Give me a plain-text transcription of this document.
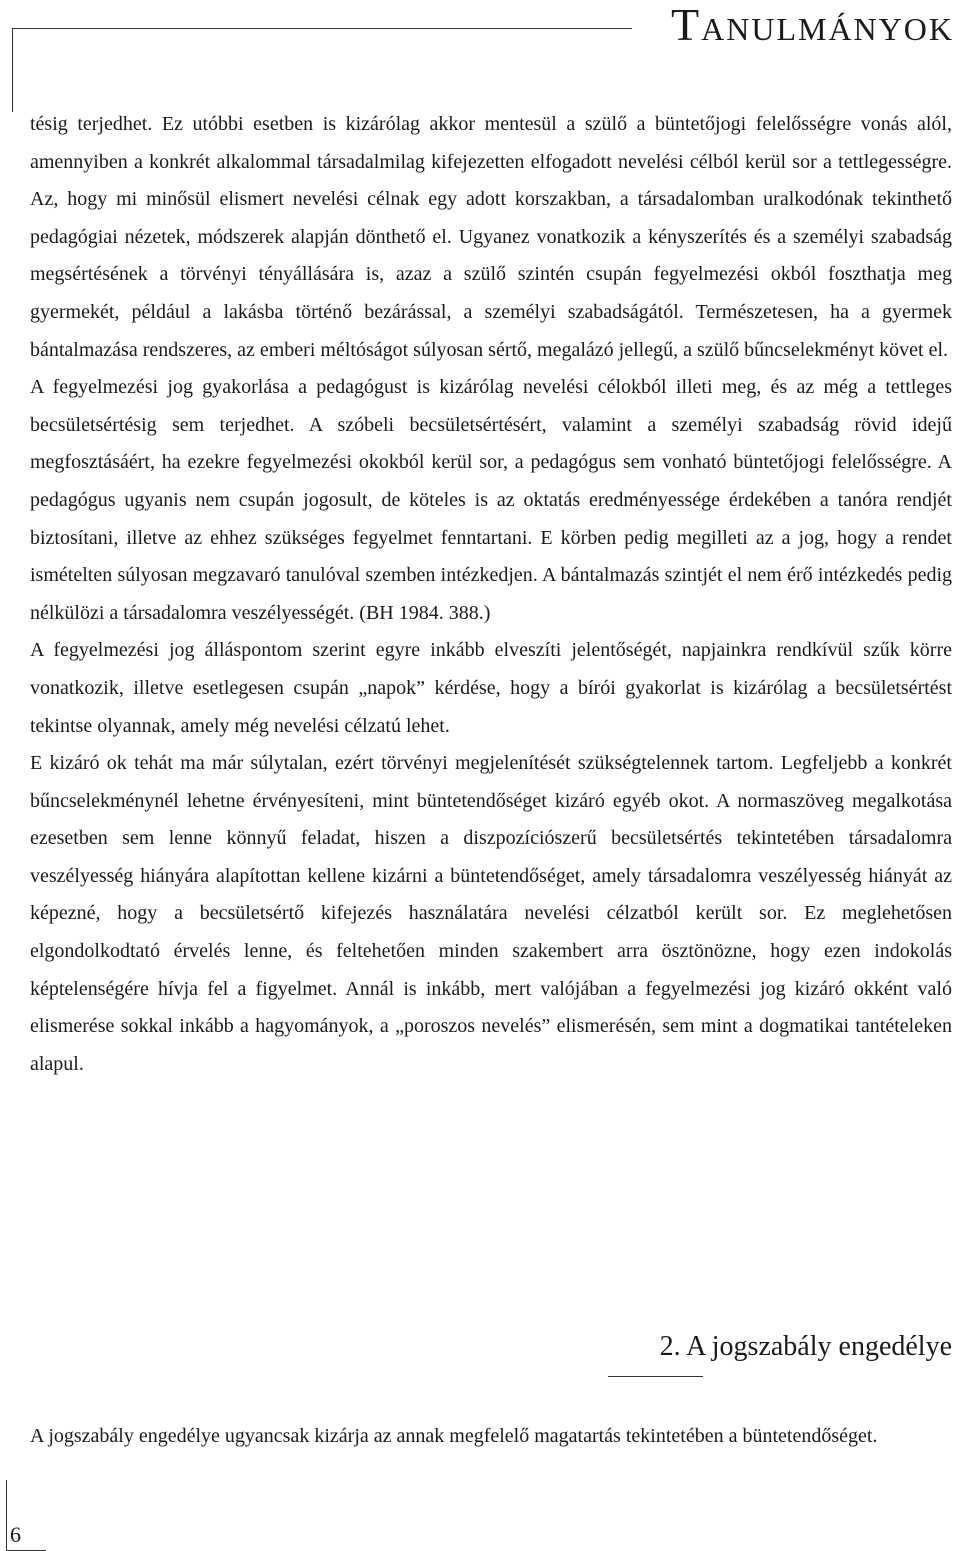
Tanulmányok

tésig terjedhet. Ez utóbbi esetben is kizárólag akkor mentesül a szülő a büntetőjogi felelősségre vonás alól, amennyiben a konkrét alkalommal társadalmilag kifejezetten elfogadott nevelési célból kerül sor a tettlegességre. Az, hogy mi minősül elismert nevelési célnak egy adott korszakban, a társadalomban uralkodónak tekinthető pedagógiai nézetek, módszerek alapján dönthető el. Ugyanez vonatkozik a kényszerítés és a személyi szabadság megsértésének a törvényi tényállására is, azaz a szülő szintén csupán fegyelmezési okból foszthatja meg gyermekét, például a lakásba történő bezárással, a személyi szabadságától. Természetesen, ha a gyermek bántalmazása rendszeres, az emberi méltóságot súlyosan sértő, megalázó jellegű, a szülő bűncselekményt követ el.

A fegyelmezési jog gyakorlása a pedagógust is kizárólag nevelési célokból illeti meg, és az még a tettleges becsületsértésig sem terjedhet. A szóbeli becsületsértésért, valamint a személyi szabadság rövid idejű megfosztásáért, ha ezekre fegyelmezési okokból kerül sor, a pedagógus sem vonható büntetőjogi felelősségre. A pedagógus ugyanis nem csupán jogosult, de köteles is az oktatás eredményessége érdekében a tanóra rendjét biztosítani, illetve az ehhez szükséges fegyelmet fenntartani. E körben pedig megilleti az a jog, hogy a rendet ismételten súlyosan megzavaró tanulóval szemben intézkedjen. A bántalmazás szintjét el nem érő intézkedés pedig nélkülözi a társadalomra veszélyességét. (BH 1984. 388.)

A fegyelmezési jog álláspontom szerint egyre inkább elveszíti jelentőségét, napjainkra rendkívül szűk körre vonatkozik, illetve esetlegesen csupán „napok” kérdése, hogy a bírói gyakorlat is kizárólag a becsületsértést tekintse olyannak, amely még nevelési célzatú lehet.

E kizáró ok tehát ma már súlytalan, ezért törvényi megjelenítését szükségtelennek tartom. Legfeljebb a konkrét bűncselekménynél lehetne érvényesíteni, mint büntetendőséget kizáró egyéb okot. A normaszöveg megalkotása ezesetben sem lenne könnyű feladat, hiszen a diszpozíciószerű becsületsértés tekintetében társadalomra veszélyesség hiányára alapítottan kellene kizárni a büntetendőséget, amely társadalomra veszélyesség hiányát az képezné, hogy a becsületsértő kifejezés használatára nevelési célzatból került sor. Ez meglehetősen elgondolkodtató érvelés lenne, és feltehetően minden szakembert arra ösztönözne, hogy ezen indokolás képtelenségére hívja fel a figyelmet. Annál is inkább, mert valójában a fegyelmezési jog kizáró okként való elismerése sokkal inkább a hagyományok, a „poroszos nevelés” elismerésén, sem mint a dogmatikai tantételeken alapul.

2. A jogszabály engedélye

A jogszabály engedélye ugyancsak kizárja az annak megfelelő magatartás tekintetében a büntetendőséget.

6
